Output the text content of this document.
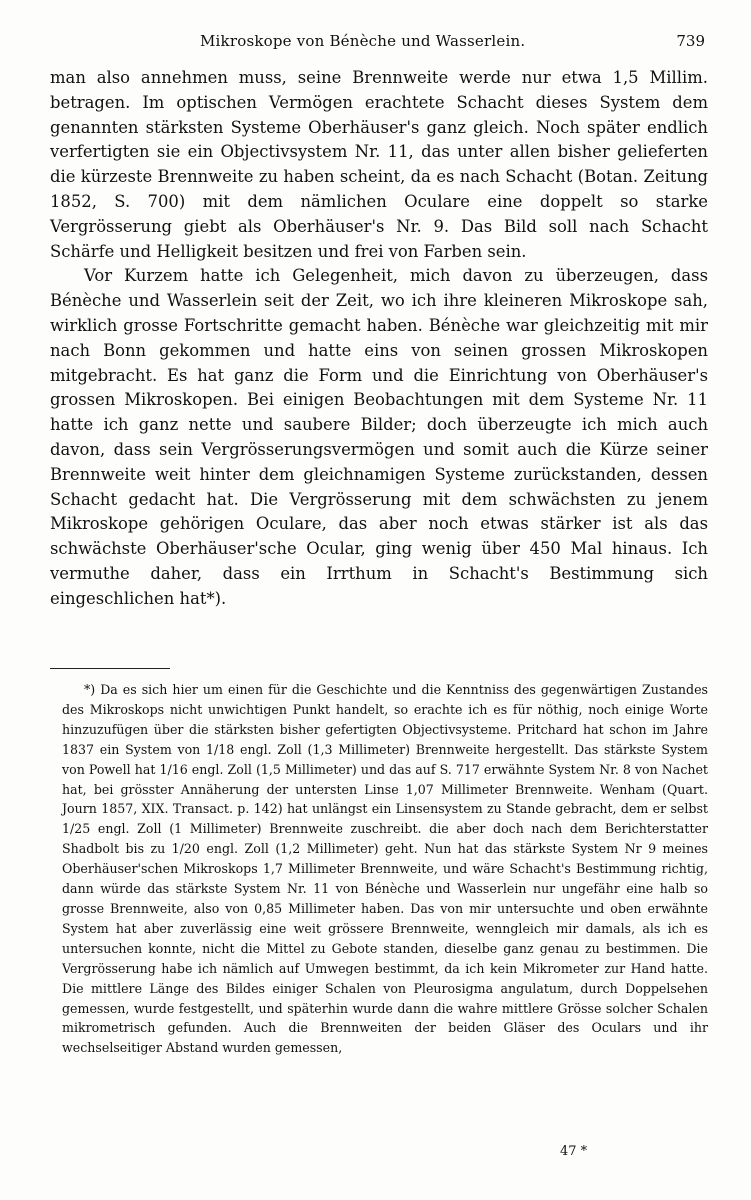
Mikroskope von Bénèche und Wasserlein.	739

man also annehmen muss, seine Brennweite werde nur etwa 1,5 Millim. betragen. Im optischen Vermögen erachtete Schacht dieses System dem genannten stärksten Systeme Oberhäuser's ganz gleich. Noch später endlich verfertigten sie ein Objectivsystem Nr. 11, das unter allen bisher gelieferten die kürzeste Brennweite zu haben scheint, da es nach Schacht (Botan. Zeitung 1852, S. 700) mit dem nämlichen Oculare eine doppelt so starke Vergrösserung giebt als Oberhäuser's Nr. 9. Das Bild soll nach Schacht Schärfe und Helligkeit besitzen und frei von Farben sein.

Vor Kurzem hatte ich Gelegenheit, mich davon zu überzeugen, dass Bénèche und Wasserlein seit der Zeit, wo ich ihre kleineren Mikroskope sah, wirklich grosse Fortschritte gemacht haben. Bénèche war gleichzeitig mit mir nach Bonn gekommen und hatte eins von seinen grossen Mikroskopen mitgebracht. Es hat ganz die Form und die Einrichtung von Oberhäuser's grossen Mikroskopen. Bei einigen Beobachtungen mit dem Systeme Nr. 11 hatte ich ganz nette und saubere Bilder; doch überzeugte ich mich auch davon, dass sein Vergrösserungsvermögen und somit auch die Kürze seiner Brennweite weit hinter dem gleichnamigen Systeme zurückstanden, dessen Schacht gedacht hat. Die Vergrösserung mit dem schwächsten zu jenem Mikroskope gehörigen Oculare, das aber noch etwas stärker ist als das schwächste Oberhäuser'sche Ocular, ging wenig über 450 Mal hinaus. Ich vermuthe daher, dass ein Irrthum in Schacht's Bestimmung sich eingeschlichen hat*).

*) Da es sich hier um einen für die Geschichte und die Kenntniss des gegenwärtigen Zustandes des Mikroskops nicht unwichtigen Punkt handelt, so erachte ich es für nöthig, noch einige Worte hinzuzufügen über die stärksten bisher gefertigten Objectivsysteme. Pritchard hat schon im Jahre 1837 ein System von 1/18 engl. Zoll (1,3 Millimeter) Brennweite hergestellt. Das stärkste System von Powell hat 1/16 engl. Zoll (1,5 Millimeter) und das auf S. 717 erwähnte System Nr. 8 von Nachet hat, bei grösster Annäherung der untersten Linse 1,07 Millimeter Brennweite. Wenham (Quart. Journ 1857, XIX. Transact. p. 142) hat unlängst ein Linsensystem zu Stande gebracht, dem er selbst 1/25 engl. Zoll (1 Millimeter) Brennweite zuschreibt. die aber doch nach dem Berichterstatter Shadbolt bis zu 1/20 engl. Zoll (1,2 Millimeter) geht. Nun hat das stärkste System Nr 9 meines Oberhäuser'schen Mikroskops 1,7 Millimeter Brennweite, und wäre Schacht's Bestimmung richtig, dann würde das stärkste System Nr. 11 von Bénèche und Wasserlein nur ungefähr eine halb so grosse Brennweite, also von 0,85 Millimeter haben. Das von mir untersuchte und oben erwähnte System hat aber zuverlässig eine weit grössere Brennweite, wenngleich mir damals, als ich es untersuchen konnte, nicht die Mittel zu Gebote standen, dieselbe ganz genau zu bestimmen. Die Vergrösserung habe ich nämlich auf Umwegen bestimmt, da ich kein Mikrometer zur Hand hatte. Die mittlere Länge des Bildes einiger Schalen von Pleurosigma angulatum, durch Doppelsehen gemessen, wurde festgestellt, und späterhin wurde dann die wahre mittlere Grösse solcher Schalen mikrometrisch gefunden. Auch die Brennweiten der beiden Gläser des Oculars und ihr wechselseitiger Abstand wurden gemessen,

47 *
